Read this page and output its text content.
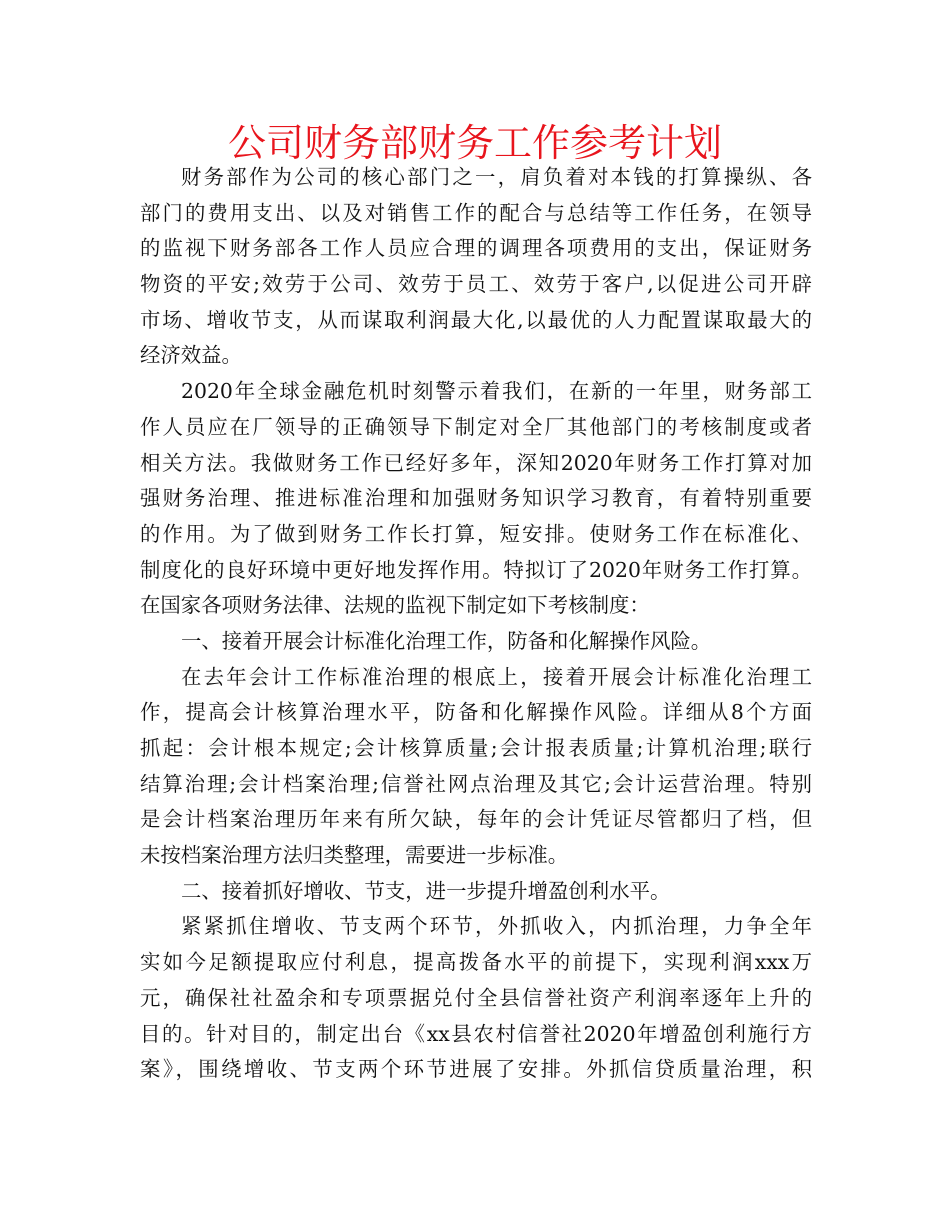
公司财务部财务工作参考计划

财务部作为公司的核心部门之一，肩负着对本钱的打算操纵、各
部门的费用支出、以及对销售工作的配合与总结等工作任务，在领导
的监视下财务部各工作人员应合理的调理各项费用的支出，保证财务
物资的平安;效劳于公司、效劳于员工、效劳于客户,以促进公司开辟
市场、增收节支，从而谋取利润最大化,以最优的人力配置谋取最大的
经济效益。

2020年全球金融危机时刻警示着我们，在新的一年里，财务部工
作人员应在厂领导的正确领导下制定对全厂其他部门的考核制度或者
相关方法。我做财务工作已经好多年，深知2020年财务工作打算对加
强财务治理、推进标准治理和加强财务知识学习教育，有着特别重要
的作用。为了做到财务工作长打算，短安排。使财务工作在标准化、
制度化的良好环境中更好地发挥作用。特拟订了2020年财务工作打算。
在国家各项财务法律、法规的监视下制定如下考核制度：

一、接着开展会计标准化治理工作，防备和化解操作风险。

在去年会计工作标准治理的根底上，接着开展会计标准化治理工
作，提高会计核算治理水平，防备和化解操作风险。详细从8个方面
抓起：会计根本规定;会计核算质量;会计报表质量;计算机治理;联行
结算治理;会计档案治理;信誉社网点治理及其它;会计运营治理。特别
是会计档案治理历年来有所欠缺，每年的会计凭证尽管都归了档，但
未按档案治理方法归类整理，需要进一步标准。

二、接着抓好增收、节支，进一步提升增盈创利水平。

紧紧抓住增收、节支两个环节，外抓收入，内抓治理，力争全年
实如今足额提取应付利息，提高拨备水平的前提下，实现利润xxx万
元，确保社社盈余和专项票据兑付全县信誉社资产利润率逐年上升的
目的。针对目的，制定出台《xx县农村信誉社2020年增盈创利施行方
案》，围绕增收、节支两个环节进展了安排。外抓信贷质量治理，积
